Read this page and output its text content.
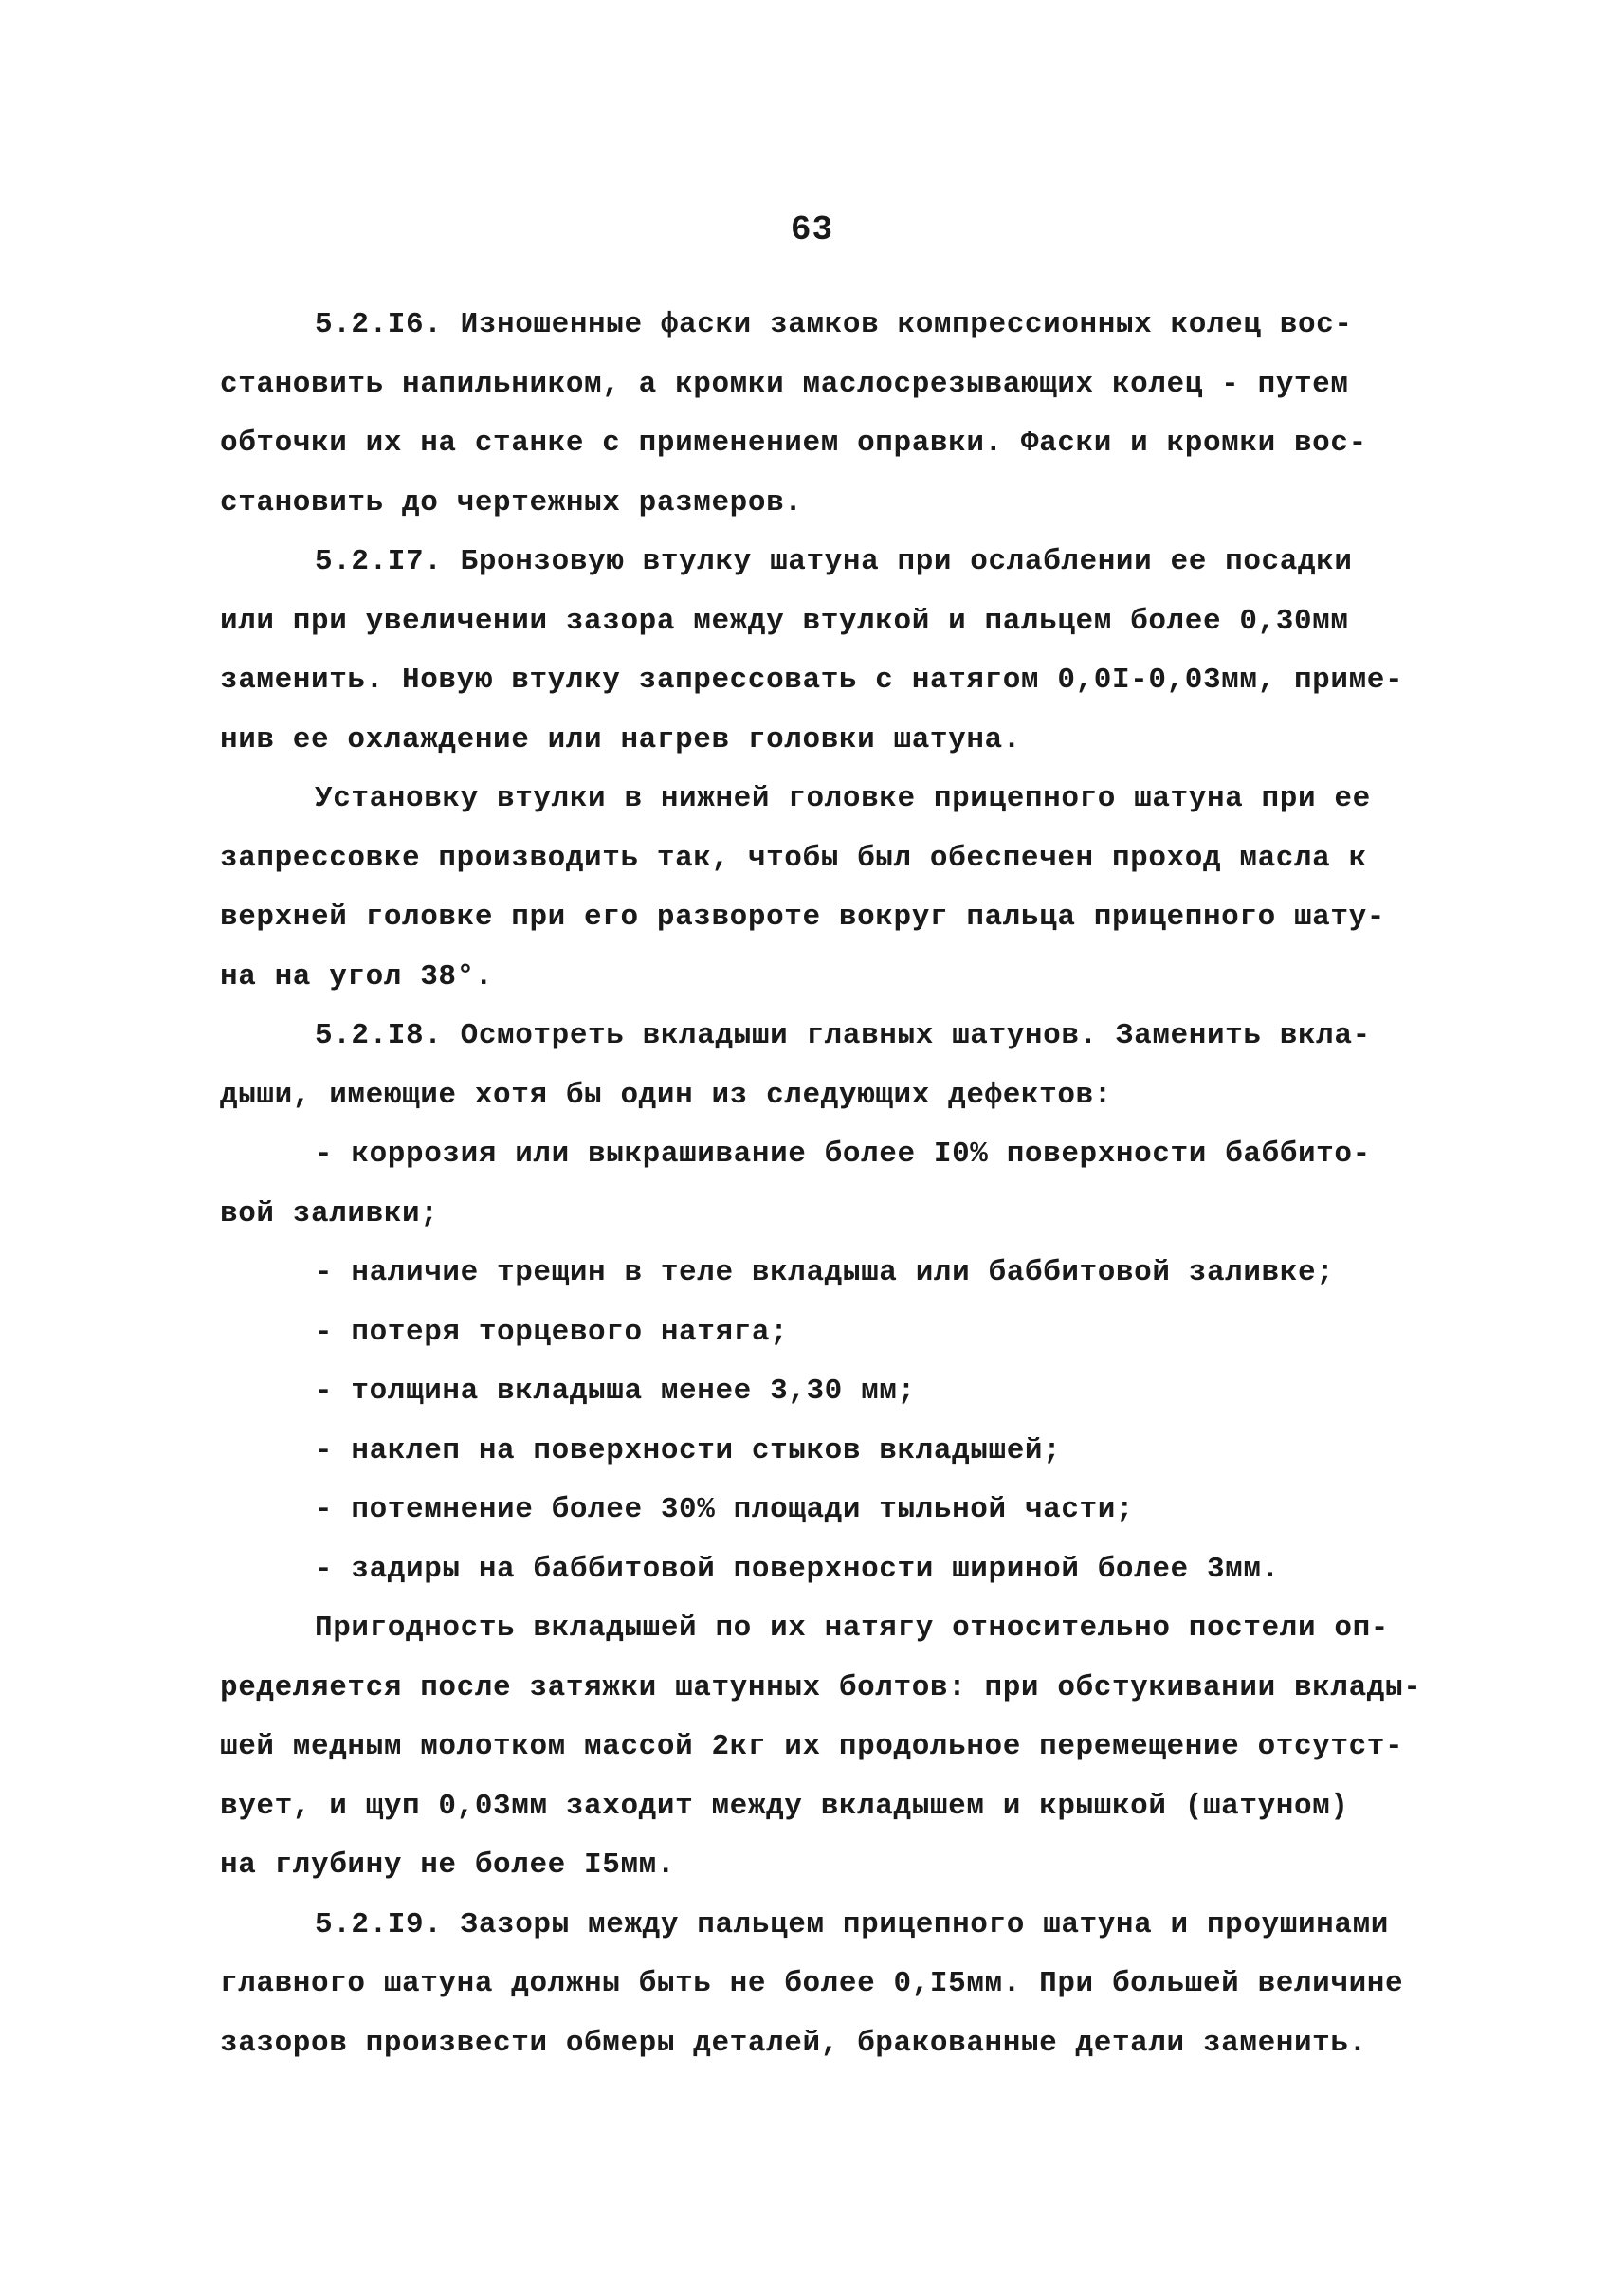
63
5.2.I6. Изношенные фаски замков компрессионных колец вос-
становить напильником, а кромки маслосрезывающих колец - путем
обточки их на станке с применением оправки. Фаски и кромки вос-
становить до чертежных размеров.
5.2.I7. Бронзовую втулку шатуна при ослаблении ее посадки
или при увеличении зазора между втулкой и пальцем более 0,30мм
заменить. Новую втулку запрессовать с натягом 0,0I-0,03мм, приме-
нив ее охлаждение или нагрев головки шатуна.
Установку втулки в нижней головке прицепного шатуна при ее
запрессовке производить так, чтобы был обеспечен проход масла к
верхней головке при его развороте вокруг пальца прицепного шату-
на на угол 38°.
5.2.I8. Осмотреть вкладыши главных шатунов. Заменить вкла-
дыши, имеющие хотя бы один из следующих дефектов:
- коррозия или выкрашивание более I0% поверхности баббито-
вой заливки;
- наличие трещин в теле вкладыша или баббитовой заливке;
- потеря торцевого натяга;
- толщина вкладыша менее 3,30 мм;
- наклеп на поверхности стыков вкладышей;
- потемнение более 30% площади тыльной части;
- задиры на баббитовой поверхности шириной более 3мм.
Пригодность вкладышей по их натягу относительно постели оп-
ределяется после затяжки шатунных болтов: при обстукивании вклады-
шей медным молотком массой 2кг их продольное перемещение отсутст-
вует, и щуп 0,03мм заходит между вкладышем и крышкой (шатуном)
на глубину не более I5мм.
5.2.I9. Зазоры между пальцем прицепного шатуна и проушинами
главного шатуна должны быть не более 0,I5мм. При большей величине
зазоров произвести обмеры деталей, бракованные детали заменить.
